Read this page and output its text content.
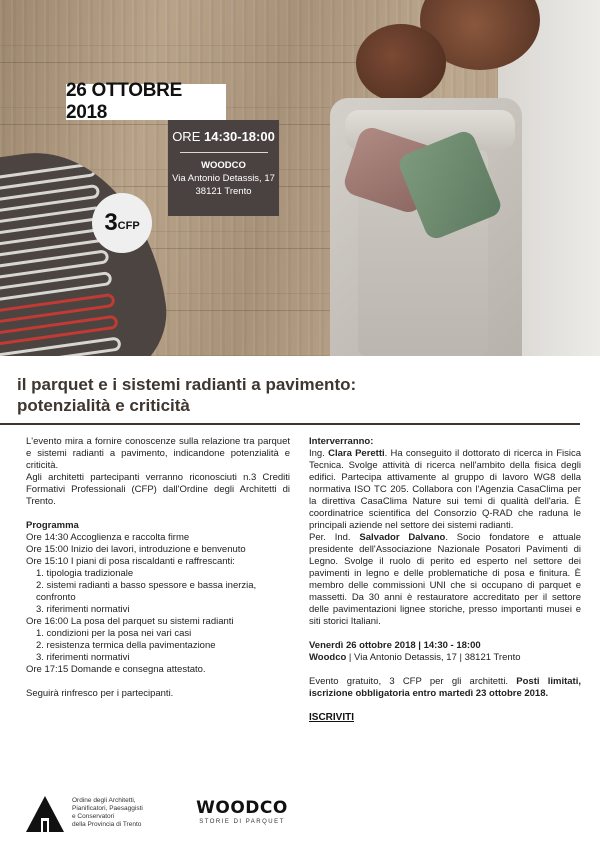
26 OTTOBRE 2018
ORE 14:30-18:00
WOODCO
Via Antonio Detassis, 17
38121 Trento
3 CFP
il parquet e i sistemi radianti a pavimento:
potenzialità e criticità
L'evento mira a fornire conoscenze sulla relazione tra parquet e sistemi radianti a pavimento, indicandone potenzialità e criticità.
Agli architetti partecipanti verranno riconosciuti n.3 Crediti Formativi Professionali (CFP) dall'Ordine degli Architetti di Trento.
Programma
Ore 14:30 Accoglienza e raccolta firme
Ore 15:00 Inizio dei lavori, introduzione e benvenuto
Ore 15:10 I piani di posa riscaldanti e raffrescanti:
1. tipologia tradizionale
2. sistemi radianti a basso spessore e bassa inerzia, confronto
3. riferimenti normativi
Ore 16:00 La posa del parquet su sistemi radianti
1. condizioni per la posa nei vari casi
2. resistenza termica della pavimentazione
3. riferimenti normativi
Ore 17:15 Domande e consegna attestato.
Seguirà rinfresco per i partecipanti.
Interverranno:
Ing. Clara Peretti. Ha conseguito il dottorato di ricerca in Fisica Tecnica. Svolge attività di ricerca nell'ambito della fisica degli edifici. Partecipa attivamente al gruppo di lavoro WG8 della normativa ISO TC 205. Collabora con l'Agenzia CasaClima per la direttiva CasaClima Nature sui temi di qualità dell'aria. È coordinatrice scientifica del Consorzio Q-RAD che raduna le principali aziende nel settore dei sistemi radianti.
Per. Ind. Salvador Dalvano. Socio fondatore e attuale presidente dell'Associazione Nazionale Posatori Pavimenti di Legno. Svolge il ruolo di perito ed esperto nel settore dei pavimenti in legno e delle problematiche di posa e finitura. È membro delle commissioni UNI che si occupano di parquet e massetti. Da 30 anni è restauratore accreditato per il settore delle pavimentazioni lignee storiche, presso importanti musei e siti storici Italiani.
Venerdì 26 ottobre 2018 | 14:30 - 18:00
Woodco | Via Antonio Detassis, 17 | 38121 Trento
Evento gratuito, 3 CFP per gli architetti. Posti limitati, iscrizione obbligatoria entro martedì 23 ottobre 2018.
ISCRIVITI
Ordine degli Architetti,
Pianificatori, Paesaggisti
e Conservatori
della Provincia di Trento
WOODCO
STORIE DI PARQUET
